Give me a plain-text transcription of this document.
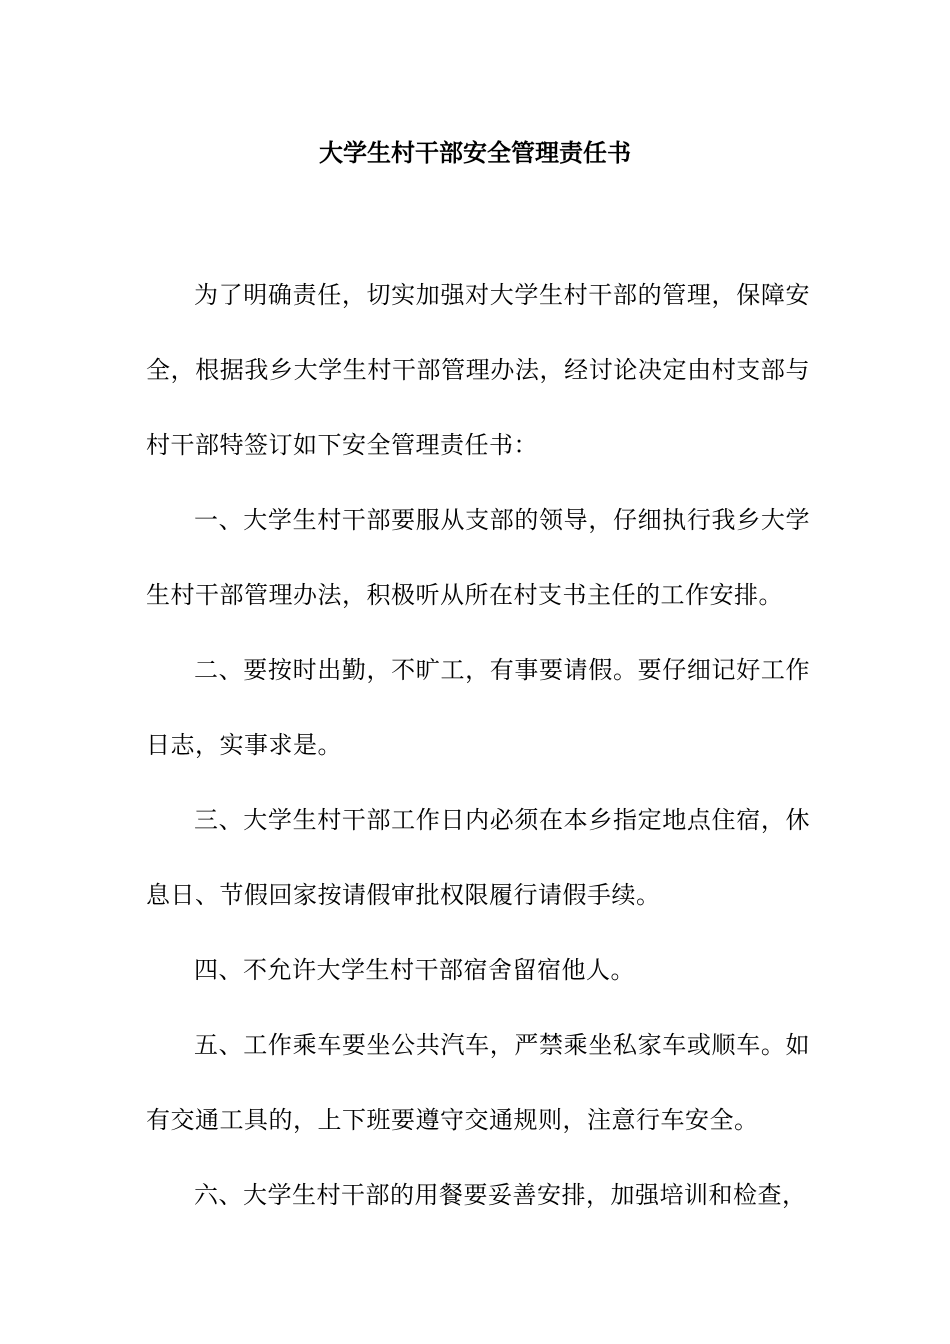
大学生村干部安全管理责任书

为了明确责任，切实加强对大学生村干部的管理，保障安全，根据我乡大学生村干部管理办法，经讨论决定由村支部与村干部特签订如下安全管理责任书：

一、大学生村干部要服从支部的领导，仔细执行我乡大学生村干部管理办法，积极听从所在村支书主任的工作安排。

二、要按时出勤，不旷工，有事要请假。要仔细记好工作日志，实事求是。

三、大学生村干部工作日内必须在本乡指定地点住宿，休息日、节假回家按请假审批权限履行请假手续。

四、不允许大学生村干部宿舍留宿他人。

五、工作乘车要坐公共汽车，严禁乘坐私家车或顺车。如有交通工具的，上下班要遵守交通规则，注意行车安全。

六、大学生村干部的用餐要妥善安排，加强培训和检查，
